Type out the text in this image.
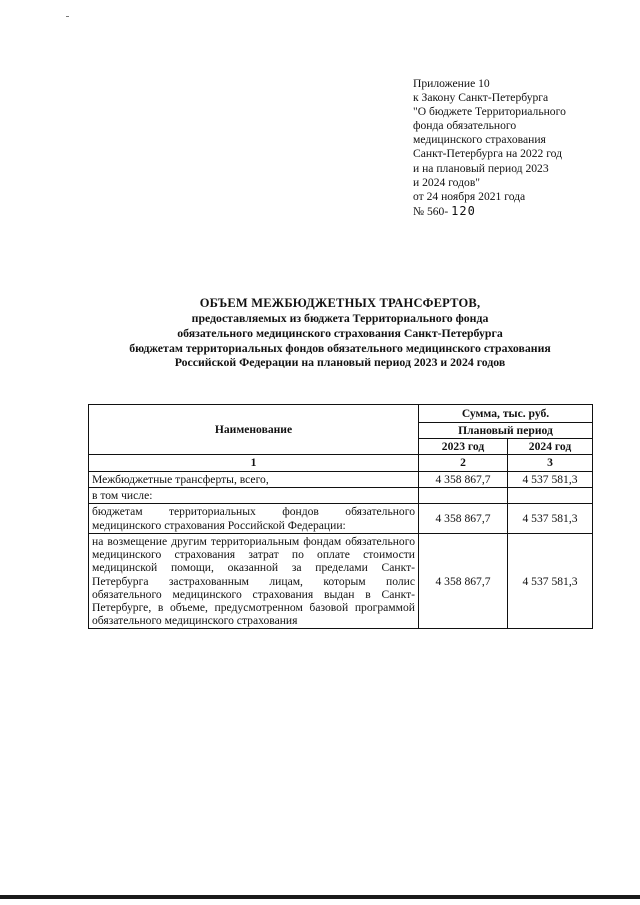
Приложение 10
к Закону Санкт-Петербурга
"О бюджете Территориального
фонда обязательного
медицинского страхования
Санкт-Петербурга на 2022 год
и на плановый период 2023
и 2024 годов"
от 24 ноября 2021 года
№ 560- 120
ОБЪЕМ МЕЖБЮДЖЕТНЫХ ТРАНСФЕРТОВ,
предоставляемых из бюджета Территориального фонда
обязательного медицинского страхования Санкт-Петербурга
бюджетам территориальных фондов обязательного медицинского страхования
Российской Федерации на плановый период 2023 и 2024 годов
Наименование	Сумма, тыс. руб.	
	Плановый период	
	2023 год	2024 год
1	2	3
Межбюджетные трансферты, всего,	4 358 867,7	4 537 581,3
в том числе:		
бюджетам территориальных фондов обязательного медицинского страхования Российской Федерации:	4 358 867,7	4 537 581,3
на возмещение другим территориальным фондам обязательного медицинского страхования затрат по оплате стоимости медицинской помощи, оказанной за пределами Санкт-Петербурга застрахованным лицам, которым полис обязательного медицинского страхования выдан в Санкт-Петербурге, в объеме, предусмотренном базовой программой обязательного медицинского страхования	4 358 867,7	4 537 581,3
